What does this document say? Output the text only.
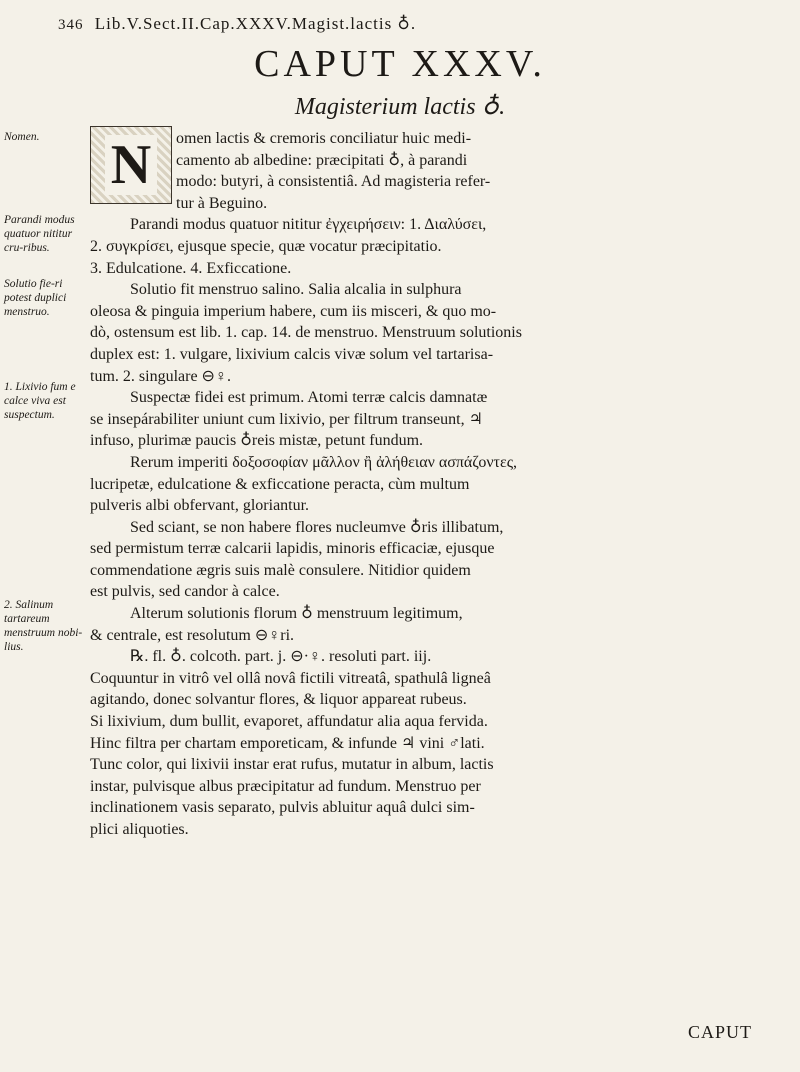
346 Lib.V.Sect.II.Cap.XXXV.Magist.lactis ♁.
CAPUT XXXV.
Magisterium lactis ♁.
N
Nomen.
Parandi modus quatuor nititur cru-ribus.
Solutio fie-ri potest duplici menstruo.
1. Lixivio fum e calce viva est suspectum.
2. Salinum tartareum menstruum nobi-lius.
omen lactis & cremoris conciliatur huic medi-
camento ab albedine: præcipitati ♁, à parandi
modo: butyri, à consistentiâ. Ad magisteria refer-
tur à Beguino.
Parandi modus quatuor nititur ἐγχειρήσειν: 1. Διαλύσει,
2. συγκρίσει, ejusque specie, quæ vocatur præcipitatio.
3. Edulcatione. 4. Exficcatione.
Solutio fit menstruo salino. Salia alcalia in sulphura
oleosa & pinguia imperium habere, cum iis misceri, & quo mo-
dò, ostensum est lib. 1. cap. 14. de menstruo. Menstruum solutionis
duplex est: 1. vulgare, lixivium calcis vivæ solum vel tartarisa-
tum. 2. singulare ⊖♀.
Suspectæ fidei est primum. Atomi terræ calcis damnatæ
se insepárabiliter uniunt cum lixivio, per filtrum transeunt, ♃
infuso, plurimæ paucis ♁reis mistæ, petunt fundum.
Rerum imperiti δοξοσοφίαν μᾶλλον ἢ ἀλήθειαν ασπάζοντες,
lucripetæ, edulcatione & exficcatione peracta, cùm multum
pulveris albi obfervant, gloriantur.
Sed sciant, se non habere flores nucleumve ♁ris illibatum,
sed permistum terræ calcarii lapidis, minoris efficaciæ, ejusque
commendatione ægris suis malè consulere. Nitidior quidem
est pulvis, sed candor à calce.
Alterum solutionis florum ♁ menstruum legitimum,
& centrale, est resolutum ⊖♀ri.
℞. fl. ♁. colcoth. part. j. ⊖·♀. resoluti part. iij.
Coquuntur in vitrô vel ollâ novâ fictili vitreatâ, spathulâ ligneâ
agitando, donec solvantur flores, & liquor appareat rubeus.
Si lixivium, dum bullit, evaporet, affundatur alia aqua fervida.
Hinc filtra per chartam emporeticam, & infunde ♃ vini ♂lati.
Tunc color, qui lixivii instar erat rufus, mutatur in album, lactis
instar, pulvisque albus præcipitatur ad fundum. Menstruo per
inclinationem vasis separato, pulvis abluitur aquâ dulci sim-
plici aliquoties.
CAPUT
